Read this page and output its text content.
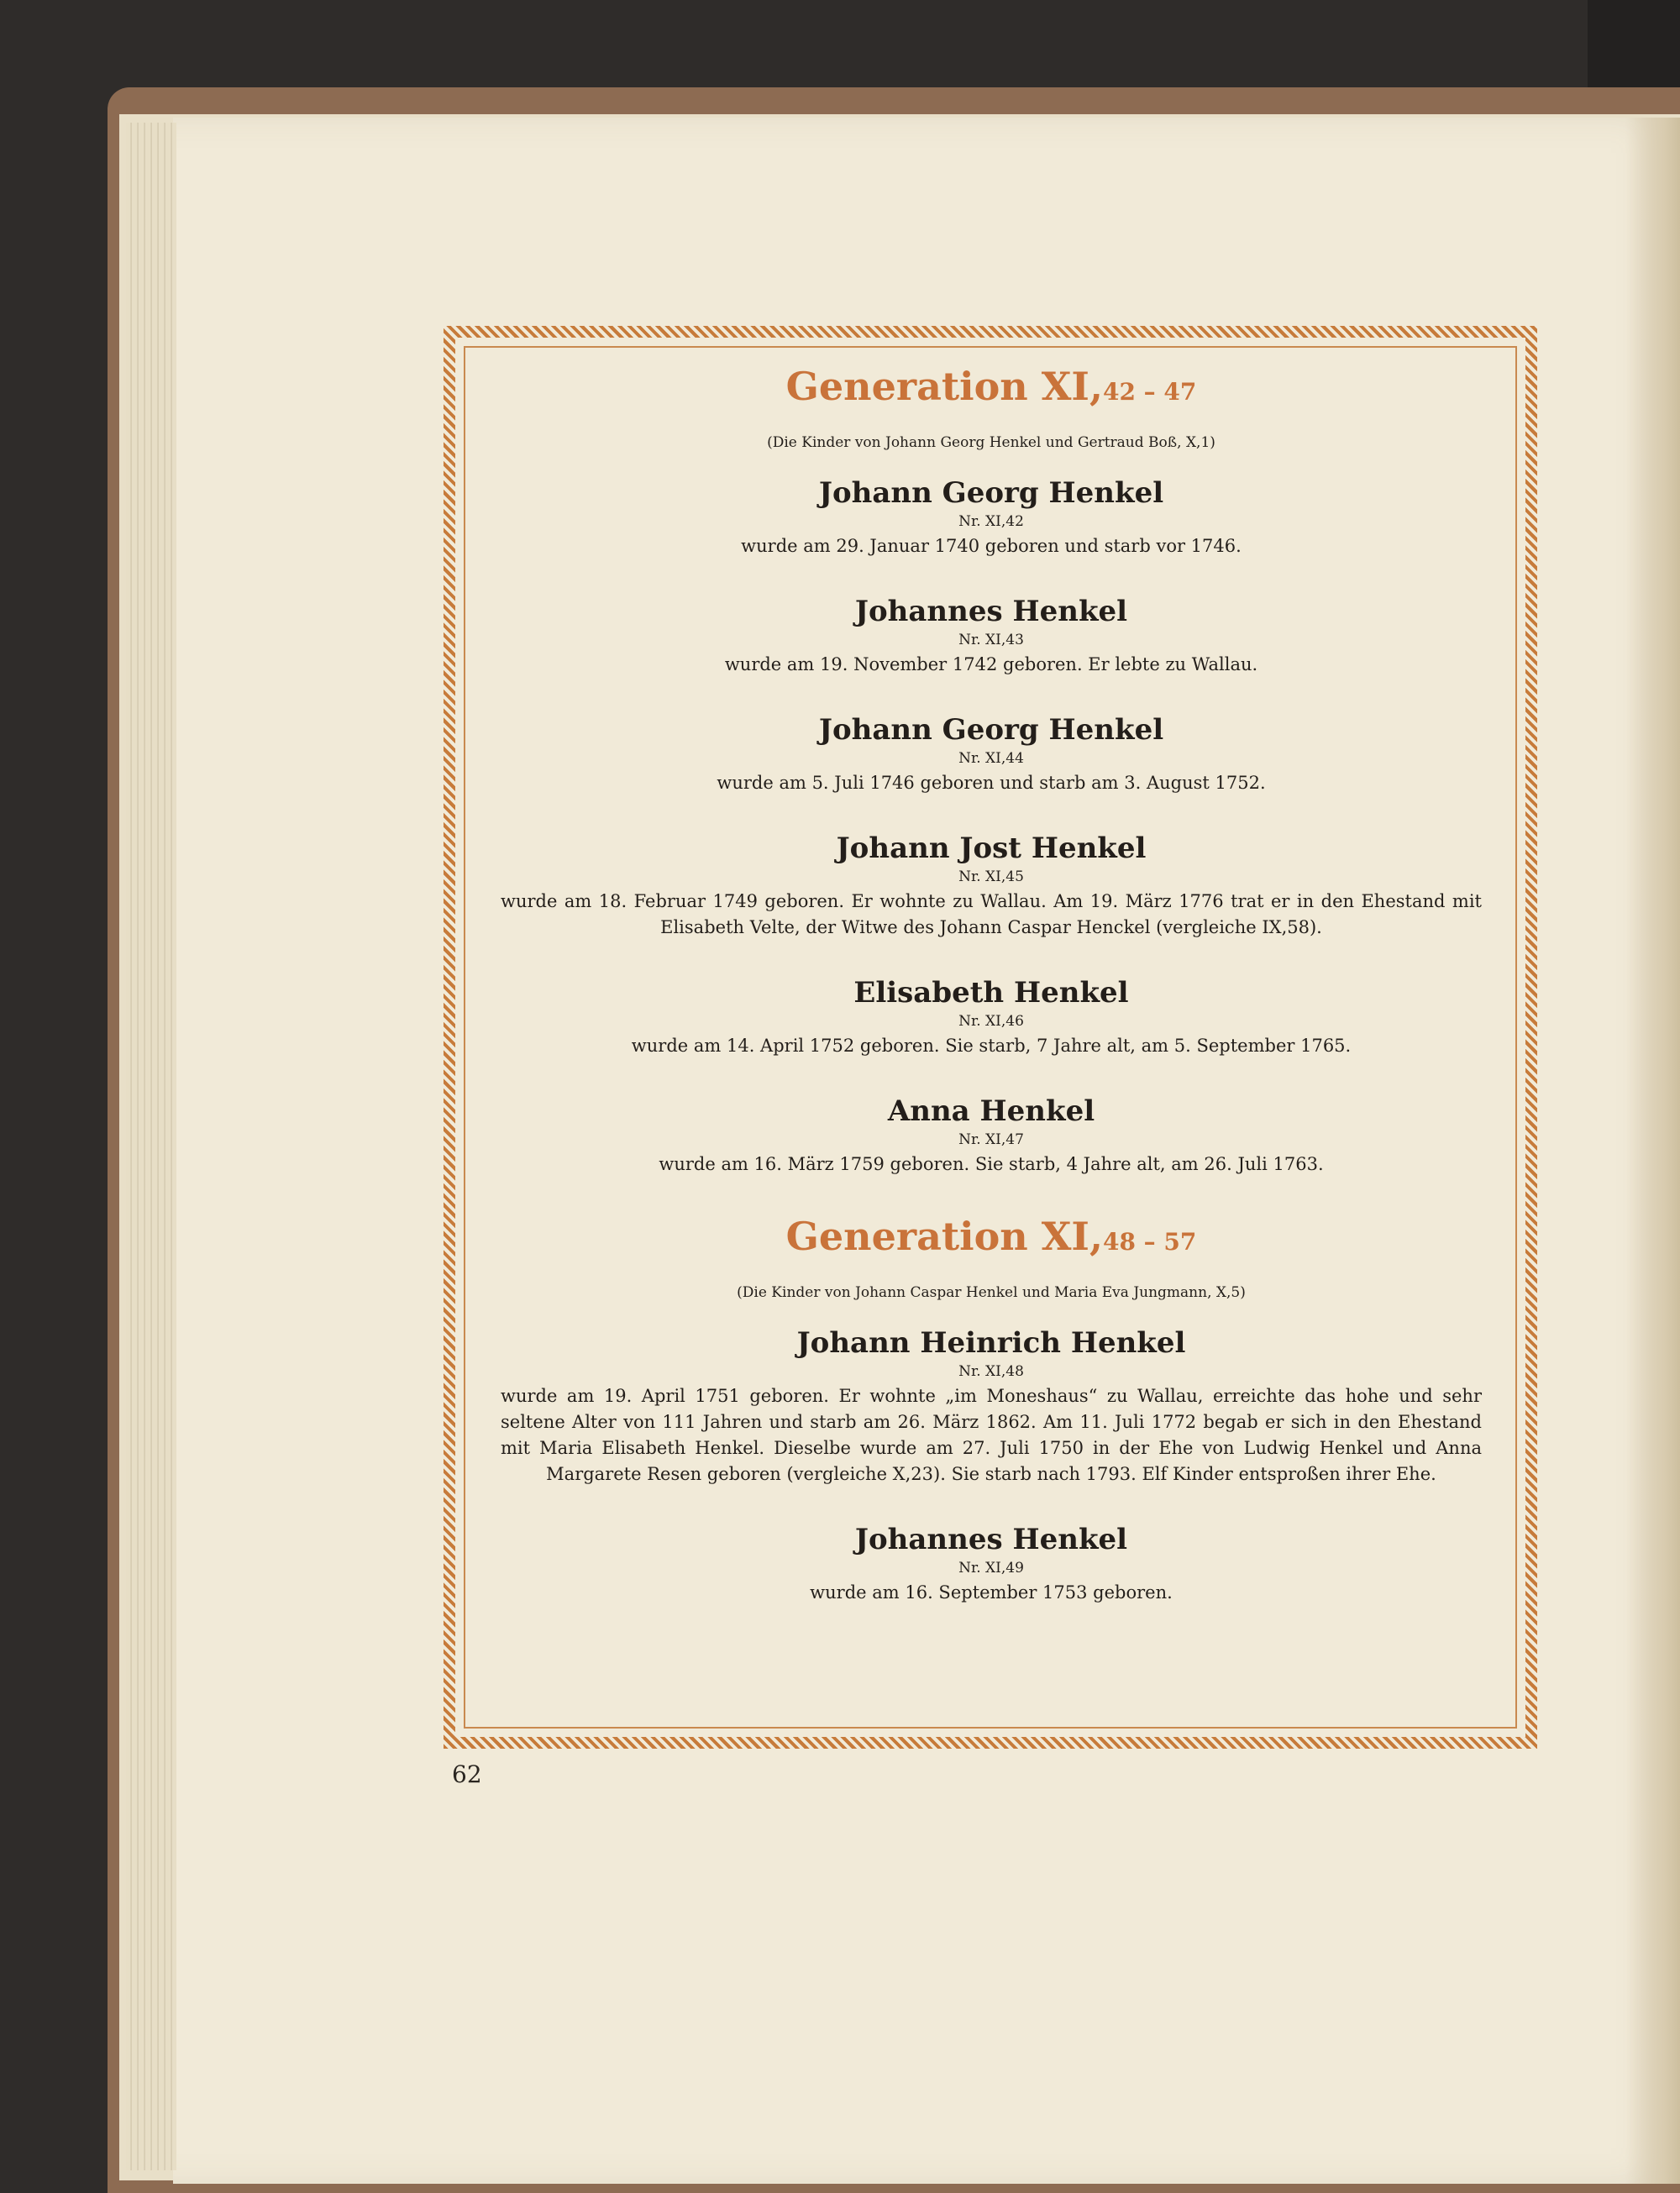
Generation XI,42 – 47

(Die Kinder von Johann Georg Henkel und Gertraud Boß, X,1)

Johann Georg Henkel

Nr. XI,42

wurde am 29. Januar 1740 geboren und starb vor 1746.

Johannes Henkel

Nr. XI,43

wurde am 19. November 1742 geboren. Er lebte zu Wallau.

Johann Georg Henkel

Nr. XI,44

wurde am 5. Juli 1746 geboren und starb am 3. August 1752.

Johann Jost Henkel

Nr. XI,45

wurde am 18. Februar 1749 geboren. Er wohnte zu Wallau. Am 19. März 1776 trat er in den Ehestand mit Elisabeth Velte, der Witwe des Johann Caspar Henckel (vergleiche IX,58).

Elisabeth Henkel

Nr. XI,46

wurde am 14. April 1752 geboren. Sie starb, 7 Jahre alt, am 5. September 1765.

Anna Henkel

Nr. XI,47

wurde am 16. März 1759 geboren. Sie starb, 4 Jahre alt, am 26. Juli 1763.

Generation XI,48 – 57

(Die Kinder von Johann Caspar Henkel und Maria Eva Jungmann, X,5)

Johann Heinrich Henkel

Nr. XI,48

wurde am 19. April 1751 geboren. Er wohnte „im Moneshaus“ zu Wallau, erreichte das hohe und sehr seltene Alter von 111 Jahren und starb am 26. März 1862. Am 11. Juli 1772 begab er sich in den Ehestand mit Maria Elisabeth Henkel. Dieselbe wurde am 27. Juli 1750 in der Ehe von Ludwig Henkel und Anna Margarete Resen geboren (vergleiche X,23). Sie starb nach 1793. Elf Kinder entsproßen ihrer Ehe.

Johannes Henkel

Nr. XI,49

wurde am 16. September 1753 geboren.

62
